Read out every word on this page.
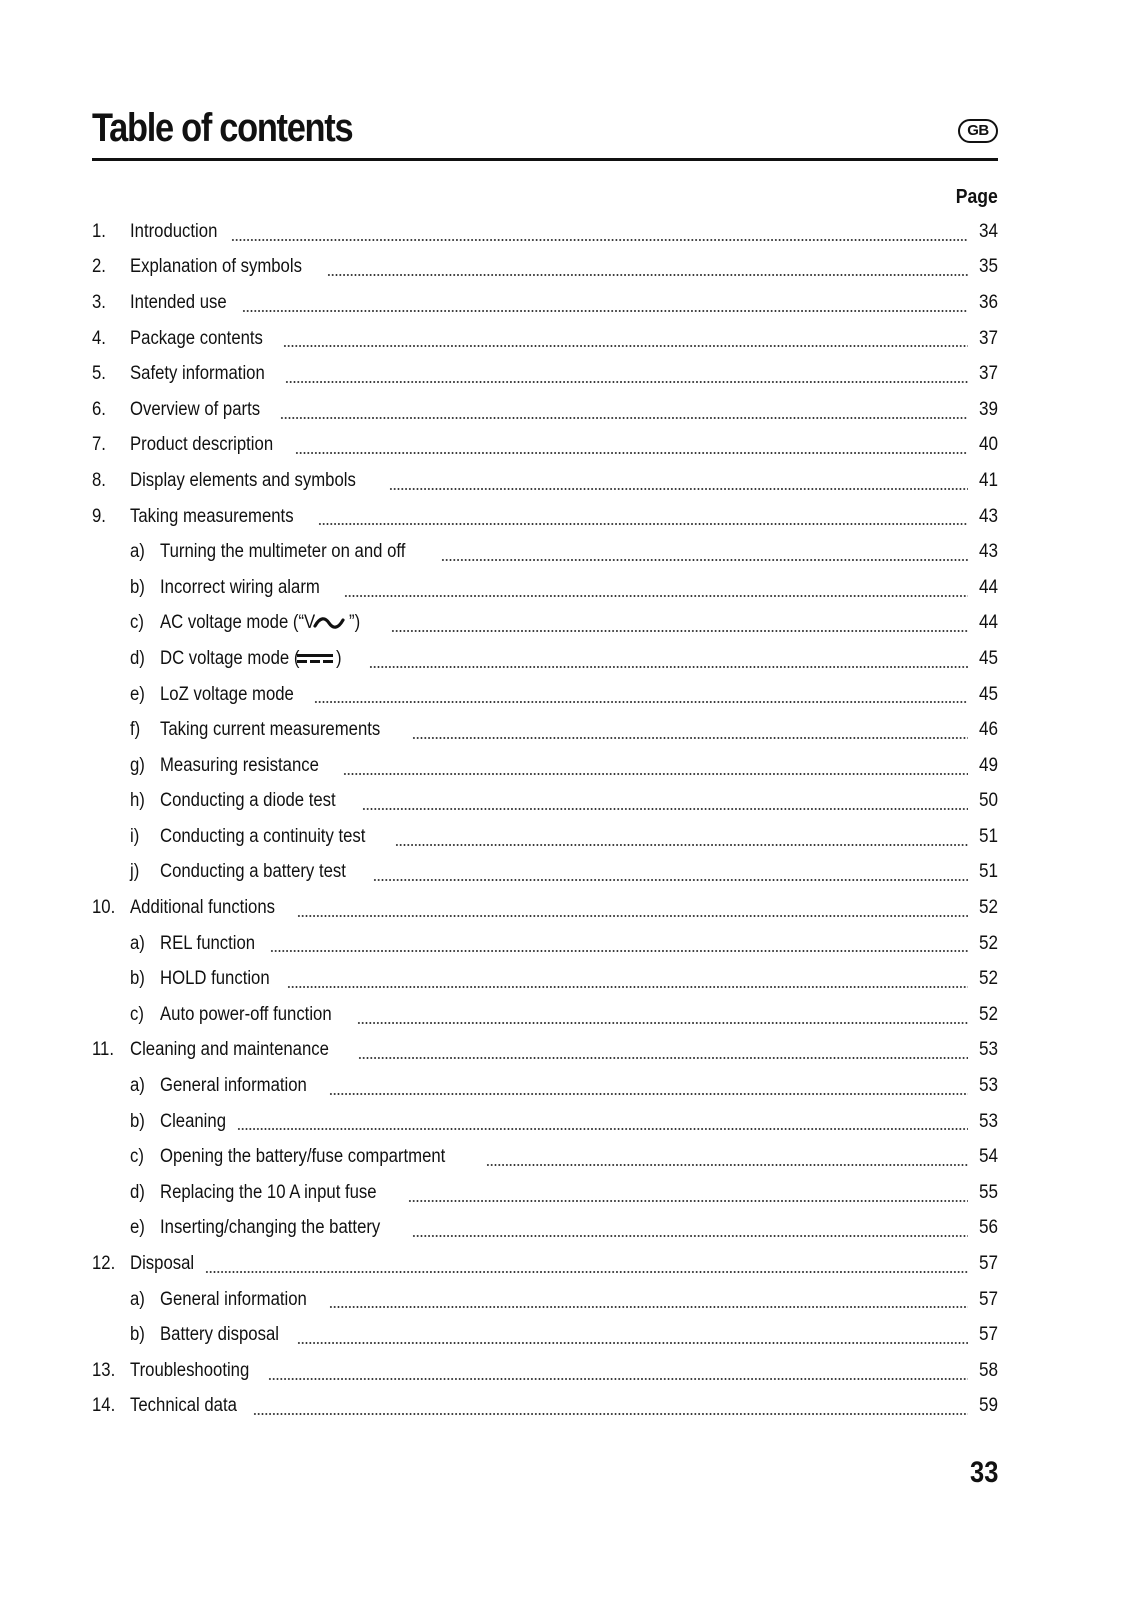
Table of contents	GB
Page
1.	Introduction	34
2.	Explanation of symbols	35
3.	Intended use	36
4.	Package contents	37
5.	Safety information	37
6.	Overview of parts	39
7.	Product description	40
8.	Display elements and symbols	41
9.	Taking measurements	43
a) Turning the multimeter on and off	43
b) Incorrect wiring alarm	44
c) AC voltage mode (“V ”)	44
d) DC voltage mode ( )	45
e) LoZ voltage mode	45
f)	Taking current measurements	46
g) Measuring resistance	49
h) Conducting a diode test	50
i)	Conducting a continuity test	51
j)	Conducting a battery test	51
10. Additional functions	52
a) REL function	52
b) HOLD function	52
c) Auto power-off function	52
11. Cleaning and maintenance	53
a) General information	53
b) Cleaning	53
c) Opening the battery/fuse compartment	54
d) Replacing the 10 A input fuse	55
e) Inserting/changing the battery	56
12. Disposal	57
a) General information	57
b) Battery disposal	57
13. Troubleshooting	58
14. Technical data	59
33
